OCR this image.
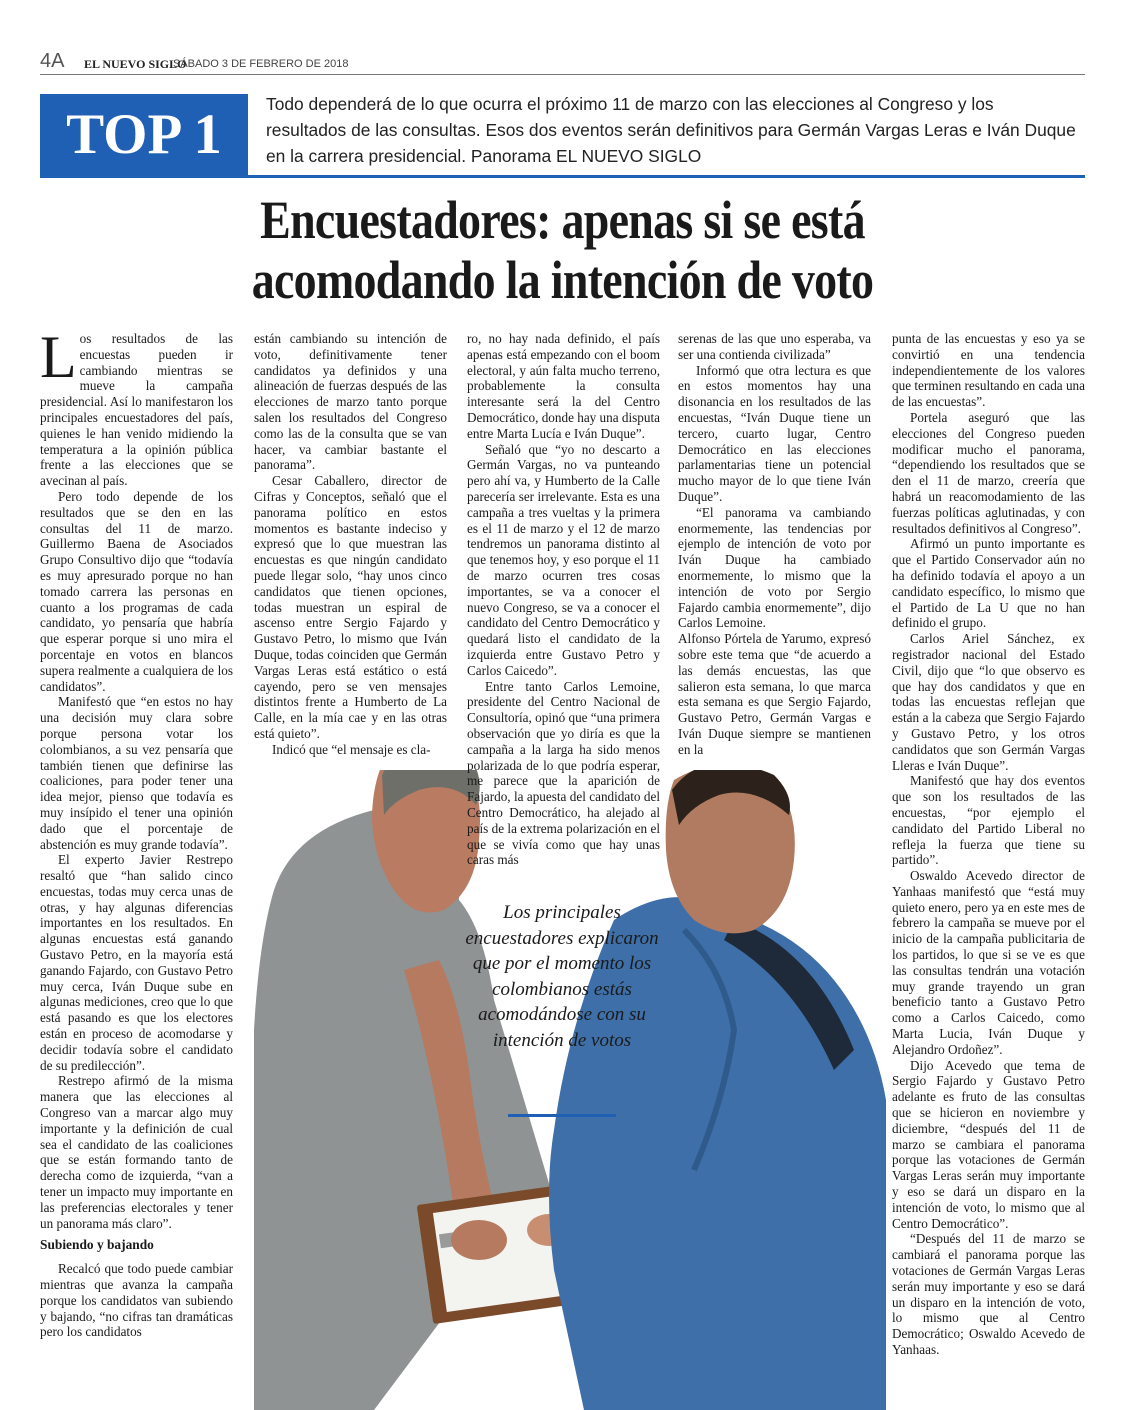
4A EL NUEVO SIGLO
SÁBADO 3 DE FEBRERO DE 2018
TOP 1	Todo dependerá de lo que ocurra el próximo 11 de marzo con las elecciones al Congreso y los resultados de las consultas. Esos dos eventos serán definitivos para Germán Vargas Leras e Iván Duque en la carrera presidencial. Panorama EL NUEVO SIGLO
Encuestadores: apenas si se está
acomodando la intención de voto
Los principales encuestadores explicaron que por el momento los colombianos estás acomodándose con su intención de votos

Los resultados de las encuestas pueden ir cambiando mientras se mueve la campaña presidencial. Así lo manifestaron los principales encuestadores del país, quienes le han venido midiendo la temperatura a la opinión pública frente a las elecciones que se avecinan al país.

Pero todo depende de los resultados que se den en las consultas del 11 de marzo. Guillermo Baena de Asociados Grupo Consultivo dijo que “todavía es muy apresurado porque no han tomado carrera las personas en cuanto a los programas de cada candidato, yo pensaría que habría que esperar porque si uno mira el porcentaje en votos en blancos supera realmente a cualquiera de los candidatos”.

Manifestó que “en estos no hay una decisión muy clara sobre porque persona votar los colombianos, a su vez pensaría que también tienen que definirse las coaliciones, para poder tener una idea mejor, pienso que todavía es muy insípido el tener una opinión dado que el porcentaje de abstención es muy grande todavía”.

El experto Javier Restrepo resaltó que “han salido cinco encuestas, todas muy cerca unas de otras, y hay algunas diferencias importantes en los resultados. En algunas encuestas está ganando Gustavo Petro, en la mayoría está ganando Fajardo, con Gustavo Petro muy cerca, Iván Duque sube en algunas mediciones, creo que lo que está pasando es que los electores están en proceso de acomodarse y decidir todavía sobre el candidato de su predilección”.

Restrepo afirmó de la misma manera que las elecciones al Congreso van a marcar algo muy importante y la definición de cual sea el candidato de las coaliciones que se están formando tanto de derecha como de izquierda, “van a tener un impacto muy importante en las preferencias electorales y tener un panorama más claro”.

Subiendo y bajando

Recalcó que todo puede cambiar mientras que avanza la campaña porque los candidatos van subiendo y bajando, “no cifras tan dramáticas pero los candidatos

están cambiando su intención de voto, definitivamente tener candidatos ya definidos y una alineación de fuerzas después de las elecciones de marzo tanto porque salen los resultados del Congreso como las de la consulta que se van hacer, va cambiar bastante el panorama”.

Cesar Caballero, director de Cifras y Conceptos, señaló que el panorama político en estos momentos es bastante indeciso y expresó que lo que muestran las encuestas es que ningún candidato puede llegar solo, “hay unos cinco candidatos que tienen opciones, todas muestran un espiral de ascenso entre Sergio Fajardo y Gustavo Petro, lo mismo que Iván Duque, todas coinciden que Germán Vargas Leras está estático o está cayendo, pero se ven mensajes distintos frente a Humberto de La Calle, en la mía cae y en las otras está quieto”.

Indicó que “el mensaje es cla-

ro, no hay nada definido, el país apenas está empezando con el boom electoral, y aún falta mucho terreno, probablemente la consulta interesante será la del Centro Democrático, donde hay una disputa entre Marta Lucía e Iván Duque”.

Señaló que “yo no descarto a Germán Vargas, no va punteando pero ahí va, y Humberto de la Calle parecería ser irrelevante. Esta es una campaña a tres vueltas y la primera es el 11 de marzo y el 12 de marzo tendremos un panorama distinto al que tenemos hoy, y eso porque el 11 de marzo ocurren tres cosas importantes, se va a conocer el nuevo Congreso, se va a conocer el candidato del Centro Democrático y quedará listo el candidato de la izquierda entre Gustavo Petro y Carlos Caicedo”.

Entre tanto Carlos Lemoine, presidente del Centro Nacional de Consultoría, opinó que “una primera observación que yo diría es que la campaña a la larga ha sido menos polarizada de lo que podría esperar, me parece que la aparición de Fajardo, la apuesta del candidato del Centro Democrático, ha alejado al país de la extrema polarización en el que se vivía como que hay unas caras más

serenas de las que uno esperaba, va ser una contienda civilizada”

Informó que otra lectura es que en estos momentos hay una disonancia en los resultados de las encuestas, “Iván Duque tiene un tercero, cuarto lugar, Centro Democrático en las elecciones parlamentarias tiene un potencial mucho mayor de lo que tiene Iván Duque”.

“El panorama va cambiando enormemente, las tendencias por ejemplo de intención de voto por Iván Duque ha cambiado enormemente, lo mismo que la intención de voto por Sergio Fajardo cambia enormemente”, dijo Carlos Lemoine.

Alfonso Pórtela de Yarumo, expresó sobre este tema que “de acuerdo a las demás encuestas, las que salieron esta semana, lo que marca esta semana es que Sergio Fajardo, Gustavo Petro, Germán Vargas e Iván Duque siempre se mantienen en la

punta de las encuestas y eso ya se convirtió en una tendencia independientemente de los valores que terminen resultando en cada una de las encuestas”.

Portela aseguró que las elecciones del Congreso pueden modificar mucho el panorama, “dependiendo los resultados que se den el 11 de marzo, creería que habrá un reacomodamiento de las fuerzas políticas aglutinadas, y con resultados definitivos al Congreso”.

Afirmó un punto importante es que el Partido Conservador aún no ha definido todavía el apoyo a un candidato específico, lo mismo que el Partido de La U que no han definido el grupo.

Carlos Ariel Sánchez, ex registrador nacional del Estado Civil, dijo que “lo que observo es que hay dos candidatos y que en todas las encuestas reflejan que están a la cabeza que Sergio Fajardo y Gustavo Petro, y los otros candidatos que son Germán Vargas Lleras e Iván Duque”.

Manifestó que hay dos eventos que son los resultados de las encuestas, “por ejemplo el candidato del Partido Liberal no refleja la fuerza que tiene su partido”.

Oswaldo Acevedo director de Yanhaas manifestó que “está muy quieto enero, pero ya en este mes de febrero la campaña se mueve por el inicio de la campaña publicitaria de los partidos, lo que si se ve es que las consultas tendrán una votación muy grande trayendo un gran beneficio tanto a Gustavo Petro como a Carlos Caicedo, como Marta Lucia, Iván Duque y Alejandro Ordoñez”.

Dijo Acevedo que tema de Sergio Fajardo y Gustavo Petro adelante es fruto de las consultas que se hicieron en noviembre y diciembre, “después del 11 de marzo se cambiara el panorama porque las votaciones de Germán Vargas Leras serán muy importante y eso se dará un disparo en la intención de voto, lo mismo que al Centro Democrático”.

“Después del 11 de marzo se cambiará el panorama porque las votaciones de Germán Vargas Leras serán muy importante y eso se dará un disparo en la intención de voto, lo mismo que al Centro Democrático; Oswaldo Acevedo de Yanhaas.
